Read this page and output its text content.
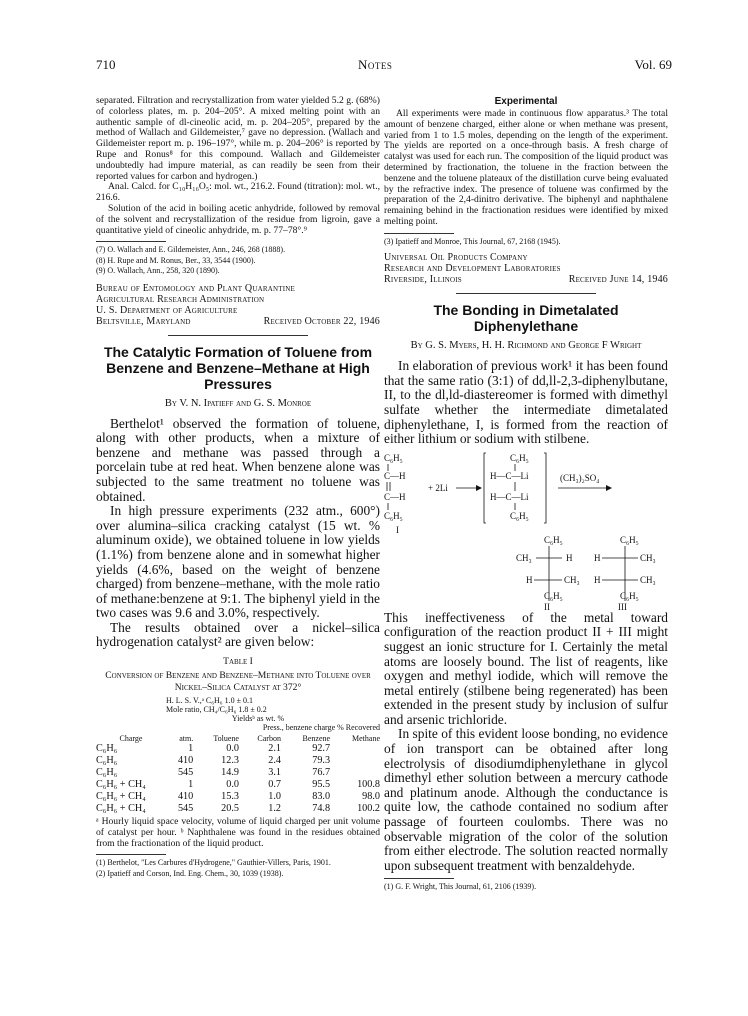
710	Notes	Vol. 69

separated. Filtration and recrystallization from water yielded 5.2 g. (68%) of colorless plates, m. p. 204–205°. A mixed melting point with an authentic sample of dl-cineolic acid, m. p. 204–205°, prepared by the method of Wallach and Gildemeister,⁷ gave no depression. (Wallach and Gildemeister report m. p. 196–197°, while m. p. 204–206° is reported by Rupe and Ronus⁸ for this compound. Wallach and Gildemeister undoubtedly had impure material, as can readily be seen from their reported values for carbon and hydrogen.)

Anal. Calcd. for C₁₀H₁₆O₅: mol. wt., 216.2. Found (titration): mol. wt., 216.6.

Solution of the acid in boiling acetic anhydride, followed by removal of the solvent and recrystallization of the residue from ligroin, gave a quantitative yield of cineolic anhydride, m. p. 77–78°.⁹

(7) O. Wallach and E. Gildemeister, Ann., 246, 268 (1888).
(8) H. Rupe and M. Ronus, Ber., 33, 3544 (1900).
(9) O. Wallach, Ann., 258, 320 (1890).
Bureau of Entomology and Plant Quarantine
Agricultural Research Administration
U. S. Department of Agriculture
Beltsville, Maryland	Received October 22, 1946
The Catalytic Formation of Toluene from Benzene and Benzene–Methane at High Pressures
By V. N. Ipatieff and G. S. Monroe

Berthelot¹ observed the formation of toluene, along with other products, when a mixture of benzene and methane was passed through a porcelain tube at red heat. When benzene alone was subjected to the same treatment no toluene was obtained.

In high pressure experiments (232 atm., 600°) over alumina–silica cracking catalyst (15 wt. % aluminum oxide), we obtained toluene in low yields (1.1%) from benzene alone and in somewhat higher yields (4.6%, based on the weight of benzene charged) from benzene–methane, with the mole ratio of methane:benzene at 9:1. The biphenyl yield in the two cases was 9.6 and 3.0%, respectively.

The results obtained over a nickel–silica hydrogenation catalyst² are given below:

Table I
Conversion of Benzene and Benzene–Methane into Toluene over Nickel–Silica Catalyst at 372°
H. L. S. V.,ᵃ C₆H₆ 1.0 ± 0.1
Mole ratio, CH₄/C₆H₆ 1.8 ± 0.2
Yieldsᵇ as wt. %
Press., benzene charge % Recovered
Charge	atm.	Toluene	Carbon	Benzene	Methane
C₆H₆	1	0.0	2.1	92.7	
C₆H₆	410	12.3	2.4	79.3	
C₆H₆	545	14.9	3.1	76.7	
C₆H₆ + CH₄	1	0.0	0.7	95.5	100.8
C₆H₆ + CH₄	410	15.3	1.0	83.0	98.0
C₆H₆ + CH₄	545	20.5	1.2	74.8	100.2
ᵃ Hourly liquid space velocity, volume of liquid charged per unit volume of catalyst per hour. ᵇ Naphthalene was found in the residues obtained from the fractionation of the liquid product.
(1) Berthelot, "Les Carbures d'Hydrogene," Gauthier-Villers, Paris, 1901.
(2) Ipatieff and Corson, Ind. Eng. Chem., 30, 1039 (1938).
Experimental

All experiments were made in continuous flow apparatus.³ The total amount of benzene charged, either alone or when methane was present, varied from 1 to 1.5 moles, depending on the length of the experiment. The yields are reported on a once-through basis. A fresh charge of catalyst was used for each run. The composition of the liquid product was determined by fractionation, the toluene in the fraction between the benzene and the toluene plateaux of the distillation curve being evaluated by the refractive index. The presence of toluene was confirmed by the preparation of the 2,4-dinitro derivative. The biphenyl and naphthalene remaining behind in the fractionation residues were identified by mixed melting point.

(3) Ipatieff and Monroe, This Journal, 67, 2168 (1945).
Universal Oil Products Company
Research and Development Laboratories
Riverside, Illinois	Received June 14, 1946
The Bonding in Dimetalated Diphenylethane
By G. S. Myers, H. H. Richmond and George F Wright

In elaboration of previous work¹ it has been found that the same ratio (3:1) of dd,ll-2,3-diphenylbutane, II, to the dl,ld-diastereomer is formed with dimethyl sulfate whether the intermediate dimetalated diphenylethane, I, is formed from the reaction of either lithium or sodium with stilbene.

C₆H₅
C—H
C—H
C₆H₅
+ 2Li
C₆H₅
H—C—Li
H—C—Li
C₆H₅
(CH₃)₂SO₄
I
C₆H₅	C₆H₅
CH₃	H H	CH₃
H	CH₃ H	CH₃
C₆H₅	C₆H₅
II	III

This ineffectiveness of the metal toward configuration of the reaction product II + III might suggest an ionic structure for I. Certainly the metal atoms are loosely bound. The list of reagents, like oxygen and methyl iodide, which will remove the metal entirely (stilbene being regenerated) has been extended in the present study by inclusion of sulfur and arsenic trichloride.

In spite of this evident loose bonding, no evidence of ion transport can be obtained after long electrolysis of disodiumdiphenylethane in glycol dimethyl ether solution between a mercury cathode and platinum anode. Although the conductance is quite low, the cathode contained no sodium after passage of fourteen coulombs. There was no observable migration of the color of the solution from either electrode. The solution reacted normally upon subsequent treatment with benzaldehyde.

(1) G. F. Wright, This Journal, 61, 2106 (1939).
